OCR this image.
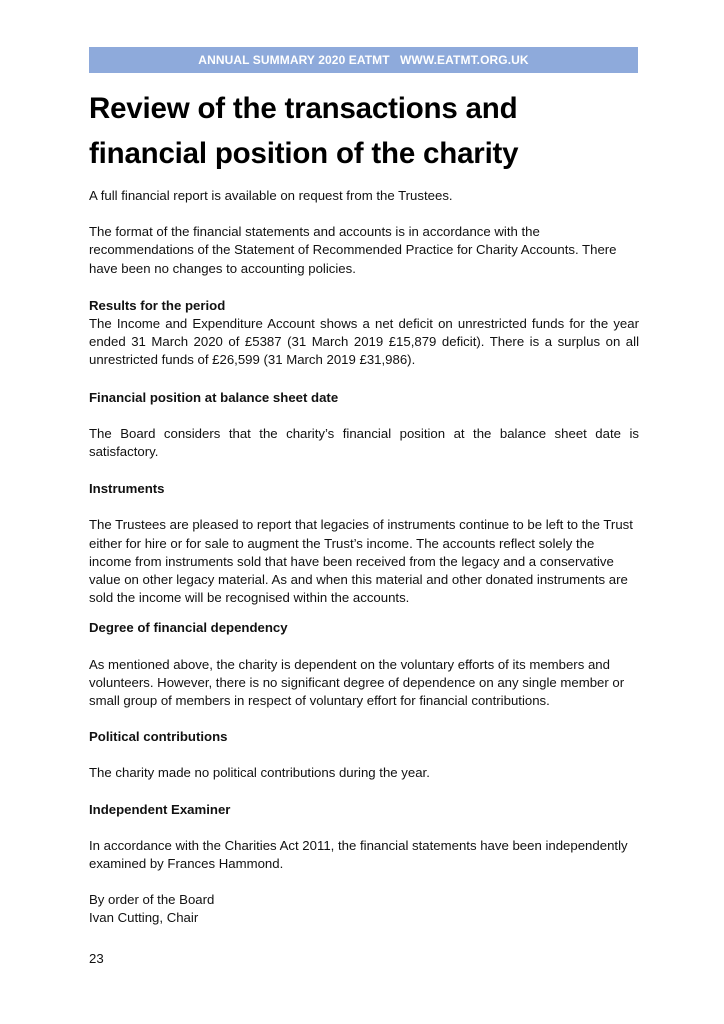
ANNUAL SUMMARY 2020 EATMT   WWW.EATMT.ORG.UK
Review of the transactions and financial position of the charity

A full financial report is available on request from the Trustees.

The format of the financial statements and accounts is in accordance with the recommendations of the Statement of Recommended Practice for Charity Accounts. There have been no changes to accounting policies.

Results for the period

The Income and Expenditure Account shows a net deficit on unrestricted funds for the year ended 31 March 2020 of £5387 (31 March 2019 £15,879 deficit). There is a surplus on all unrestricted funds of £26,599 (31 March 2019 £31,986).

Financial position at balance sheet date

The Board considers that the charity’s financial position at the balance sheet date is satisfactory.

Instruments

The Trustees are pleased to report that legacies of instruments continue to be left to the Trust either for hire or for sale to augment the Trust’s income. The accounts reflect solely the income from instruments sold that have been received from the legacy and a conservative value on other legacy material. As and when this material and other donated instruments are sold the income will be recognised within the accounts.

Degree of financial dependency

As mentioned above, the charity is dependent on the voluntary efforts of its members and volunteers. However, there is no significant degree of dependence on any single member or small group of members in respect of voluntary effort for financial contributions.

Political contributions

The charity made no political contributions during the year.

Independent Examiner

In accordance with the Charities Act 2011, the financial statements have been independently examined by Frances Hammond.

By order of the Board

Ivan Cutting, Chair

23
